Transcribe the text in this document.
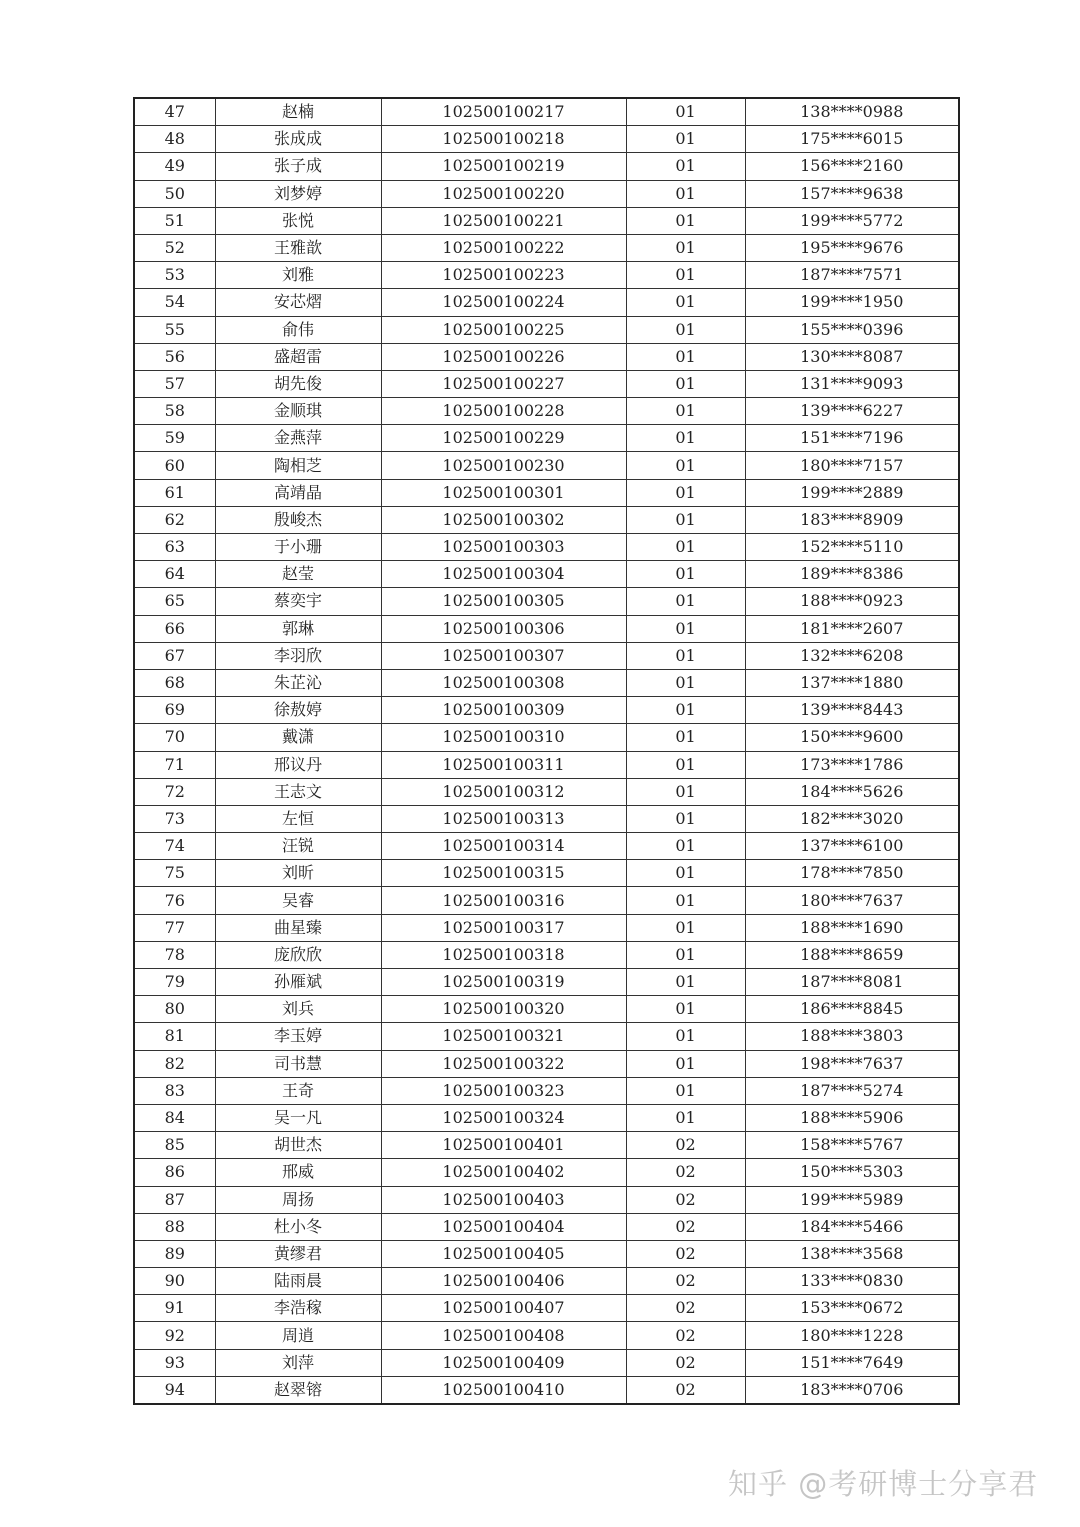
47	赵楠	102500100217	01	138****0988
48	张成成	102500100218	01	175****6015
49	张子成	102500100219	01	156****2160
50	刘梦婷	102500100220	01	157****9638
51	张悦	102500100221	01	199****5772
52	王雅歆	102500100222	01	195****9676
53	刘雅	102500100223	01	187****7571
54	安芯熠	102500100224	01	199****1950
55	俞伟	102500100225	01	155****0396
56	盛超雷	102500100226	01	130****8087
57	胡先俊	102500100227	01	131****9093
58	金顺琪	102500100228	01	139****6227
59	金燕萍	102500100229	01	151****7196
60	陶相芝	102500100230	01	180****7157
61	高靖晶	102500100301	01	199****2889
62	殷峻杰	102500100302	01	183****8909
63	于小珊	102500100303	01	152****5110
64	赵莹	102500100304	01	189****8386
65	蔡奕宇	102500100305	01	188****0923
66	郭琳	102500100306	01	181****2607
67	李羽欣	102500100307	01	132****6208
68	朱芷沁	102500100308	01	137****1880
69	徐敖婷	102500100309	01	139****8443
70	戴潇	102500100310	01	150****9600
71	邢议丹	102500100311	01	173****1786
72	王志文	102500100312	01	184****5626
73	左恒	102500100313	01	182****3020
74	汪锐	102500100314	01	137****6100
75	刘昕	102500100315	01	178****7850
76	吴睿	102500100316	01	180****7637
77	曲星臻	102500100317	01	188****1690
78	庞欣欣	102500100318	01	188****8659
79	孙雁斌	102500100319	01	187****8081
80	刘兵	102500100320	01	186****8845
81	李玉婷	102500100321	01	188****3803
82	司书慧	102500100322	01	198****7637
83	王奇	102500100323	01	187****5274
84	吴一凡	102500100324	01	188****5906
85	胡世杰	102500100401	02	158****5767
86	邢威	102500100402	02	150****5303
87	周扬	102500100403	02	199****5989
88	杜小冬	102500100404	02	184****5466
89	黄缪君	102500100405	02	138****3568
90	陆雨晨	102500100406	02	133****0830
91	李浩稼	102500100407	02	153****0672
92	周逍	102500100408	02	180****1228
93	刘萍	102500100409	02	151****7649
94	赵翠镕	102500100410	02	183****0706
知乎 @考研博士分享君
